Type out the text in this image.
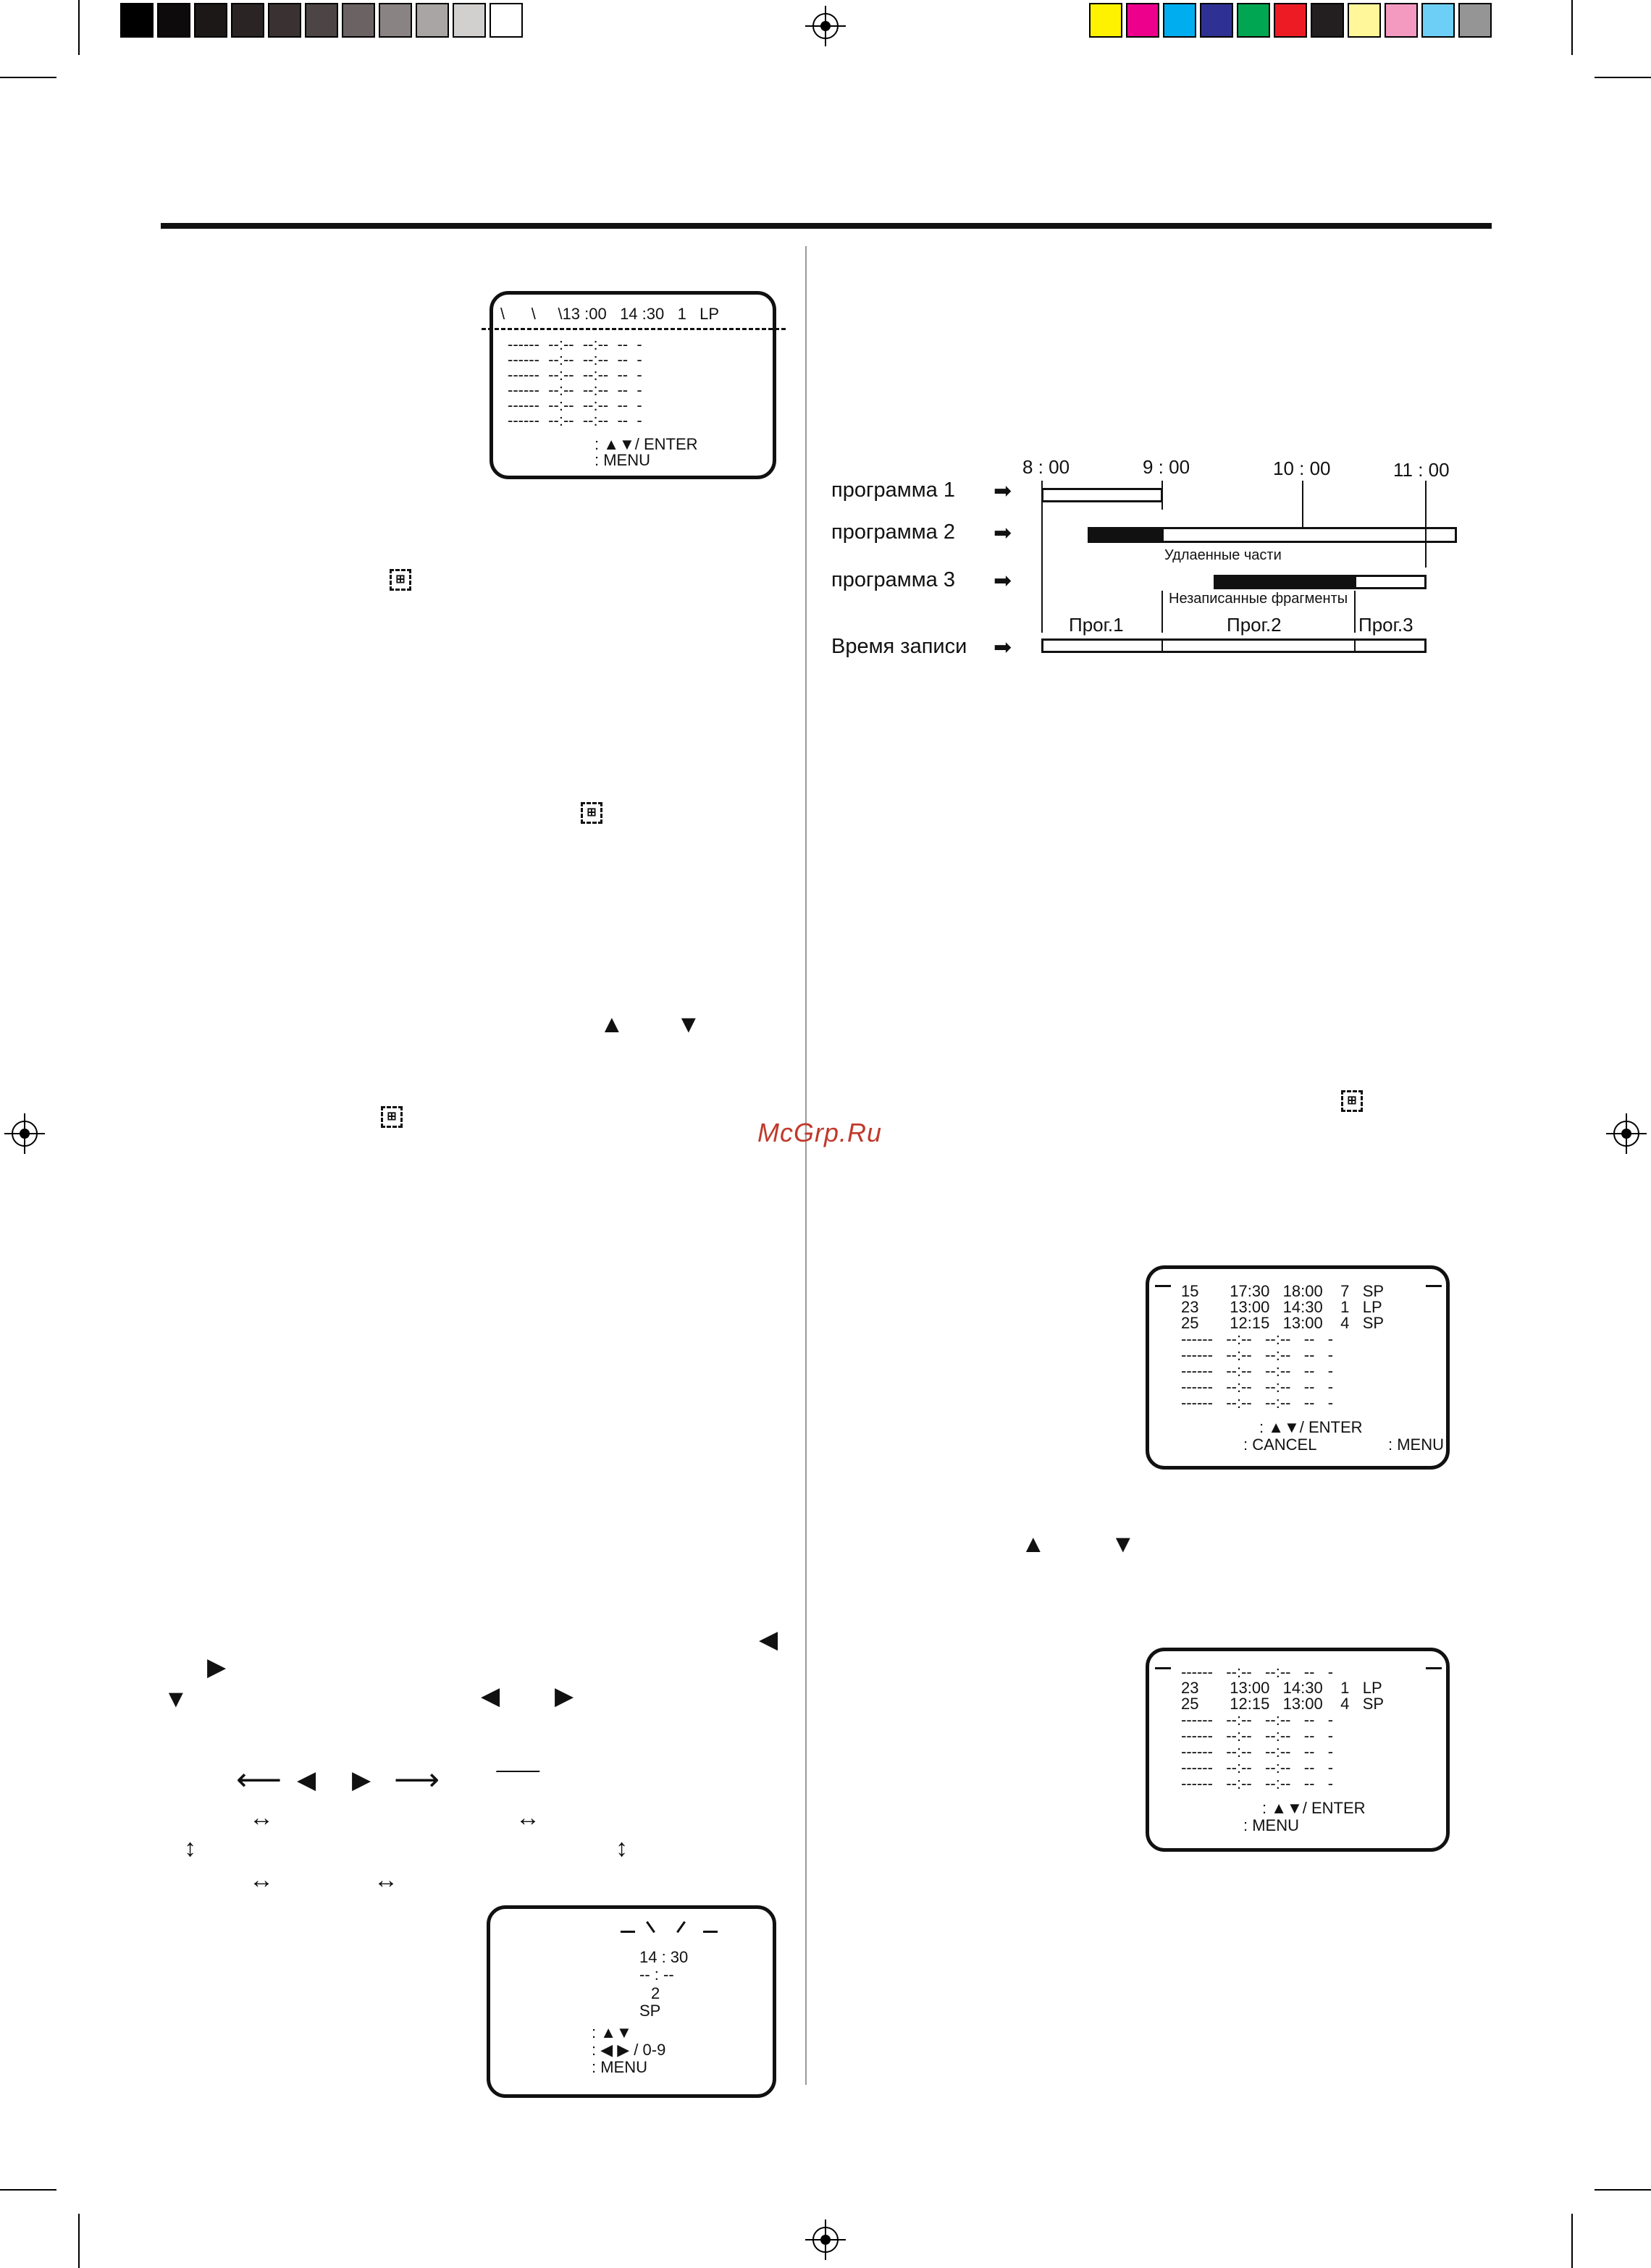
\      \     \13 :00   14 :30   1   LP
------  --:--  --:--  --  -
------  --:--  --:--  --  -
------  --:--  --:--  --  -
------  --:--  --:--  --  -
------  --:--  --:--  --  -
------  --:--  --:--  --  -
: ▲▼/ ENTER
: MENU
⊞
⊞
⊞
▲ ▼
◀
▶
▼	◀ ▶
⟵ ◀ ▶ ⟶
↔	↔
↕	↕
↔	↔
14 : 30
-- : --
2
SP
: ▲▼
: ◀ ▶ / 0-9
: MENU
8 : 00	9 : 00	10 : 00	11 : 00
программа 1
программа 2
программа 3
Время записи
➡
➡
➡
➡
Удлаенные части
Незаписанные фрагменты
Прог.1	Прог.2	Прог.3
⊞
15       17:30   18:00    7   SP
23       13:00   14:30    1   LP
25       12:15   13:00    4   SP
------   --:--   --:--   --   -
------   --:--   --:--   --   -
------   --:--   --:--   --   -
------   --:--   --:--   --   -
------   --:--   --:--   --   -
: ▲▼/ ENTER
: CANCEL	: MENU
▲	▼
------   --:--   --:--   --   -
23       13:00   14:30    1   LP
25       12:15   13:00    4   SP
------   --:--   --:--   --   -
------   --:--   --:--   --   -
------   --:--   --:--   --   -
------   --:--   --:--   --   -
------   --:--   --:--   --   -
: ▲▼/ ENTER
: MENU
McGrp.Ru
